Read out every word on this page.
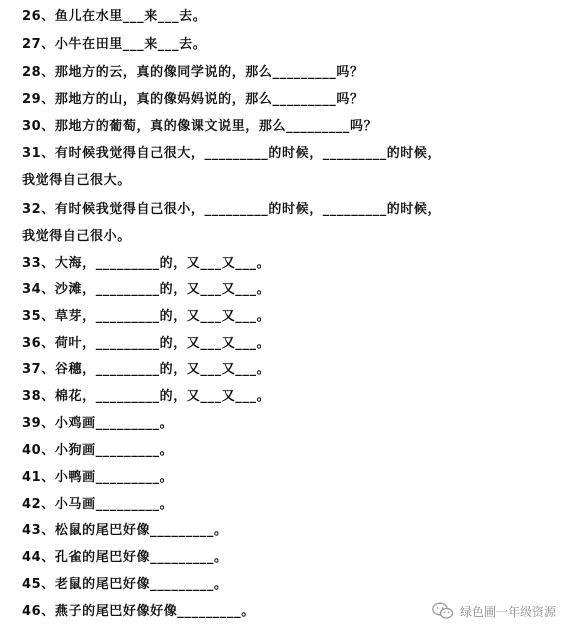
26、鱼儿在水里___来___去。
27、小牛在田里___来___去。
28、那地方的云，真的像同学说的，那么_________吗？
29、那地方的山，真的像妈妈说的，那么_________吗？
30、那地方的葡萄，真的像课文说里，那么_________吗？
31、有时候我觉得自己很大，_________的时候，_________的时候，
我觉得自己很大。
32、有时候我觉得自己很小，_________的时候，_________的时候，
我觉得自己很小。
33、大海，_________的，又___又___。
34、沙滩，_________的，又___又___。
35、草芽，_________的，又___又___。
36、荷叶，_________的，又___又___。
37、谷穗，_________的，又___又___。
38、棉花，_________的，又___又___。
39、小鸡画_________。
40、小狗画_________。
41、小鸭画_________。
42、小马画_________。
43、松鼠的尾巴好像_________。
44、孔雀的尾巴好像_________。
45、老鼠的尾巴好像_________。
46、燕子的尾巴好像好像_________。	绿色圃一年级资源
